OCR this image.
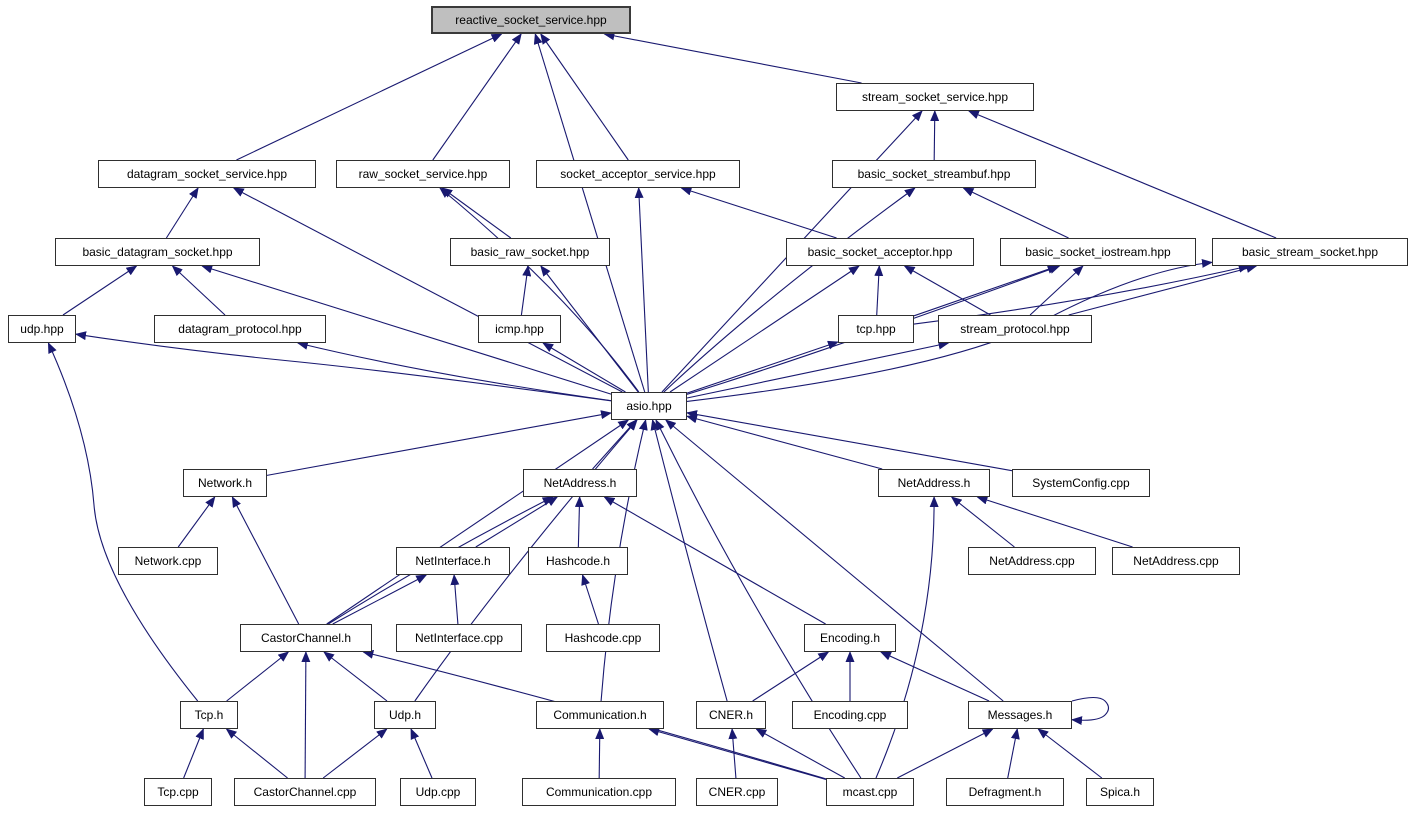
reactive_socket_service.hpp
stream_socket_service.hpp
datagram_socket_service.hpp	raw_socket_service.hpp	socket_acceptor_service.hpp	basic_socket_streambuf.hpp
basic_datagram_socket.hpp	basic_raw_socket.hpp	basic_socket_acceptor.hpp	basic_socket_iostream.hpp	basic_stream_socket.hpp
udp.hpp	datagram_protocol.hpp	icmp.hpp	tcp.hpp	stream_protocol.hpp
asio.hpp
Network.h	NetAddress.h	NetAddress.h	SystemConfig.cpp
Network.cpp	NetInterface.h	Hashcode.h	NetAddress.cpp	NetAddress.cpp
CastorChannel.h	NetInterface.cpp	Hashcode.cpp	Encoding.h
Tcp.h	Udp.h	Communication.h	CNER.h	Encoding.cpp	Messages.h
Tcp.cpp	CastorChannel.cpp	Udp.cpp	Communication.cpp	CNER.cpp	mcast.cpp	Defragment.h	Spica.h
